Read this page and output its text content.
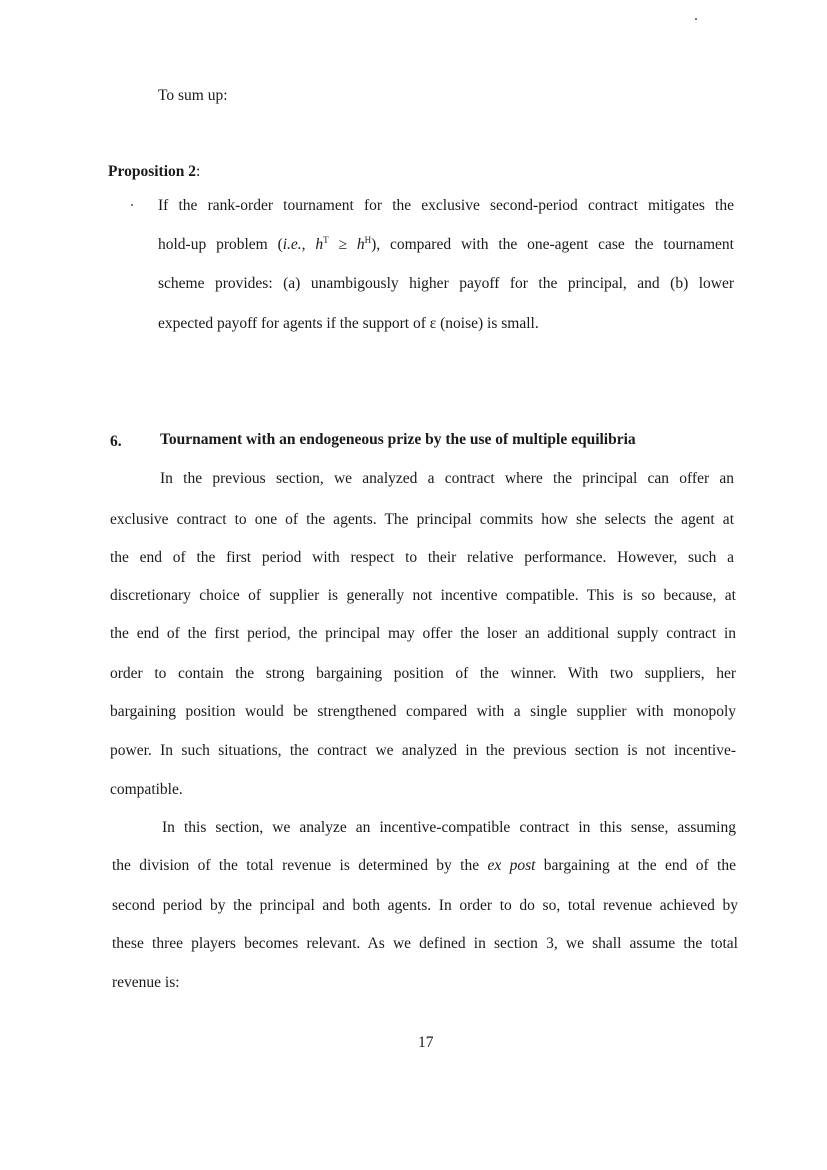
To sum up:
Proposition 2:
If the rank-order tournament for the exclusive second-period contract mitigates the
hold-up problem (i.e., $h^T \ge h^H$), compared with the one-agent case the tournament
scheme provides: (a) unambigously higher payoff for the principal, and (b) lower
expected payoff for agents if the support of ε (noise) is small.
6. Tournament with an endogeneous prize by the use of multiple equilibria
In the previous section, we analyzed a contract where the principal can offer an
exclusive contract to one of the agents. The principal commits how she selects the agent at
the end of the first period with respect to their relative performance. However, such a
discretionary choice of supplier is generally not incentive compatible. This is so because, at
the end of the first period, the principal may offer the loser an additional supply contract in
order to contain the strong bargaining position of the winner. With two suppliers, her
bargaining position would be strengthened compared with a single supplier with monopoly
power. In such situations, the contract we analyzed in the previous section is not incentive-
compatible.
In this section, we analyze an incentive-compatible contract in this sense, assuming
the division of the total revenue is determined by the ex post bargaining at the end of the
second period by the principal and both agents. In order to do so, total revenue achieved by
these three players becomes relevant. As we defined in section 3, we shall assume the total
revenue is:
17
